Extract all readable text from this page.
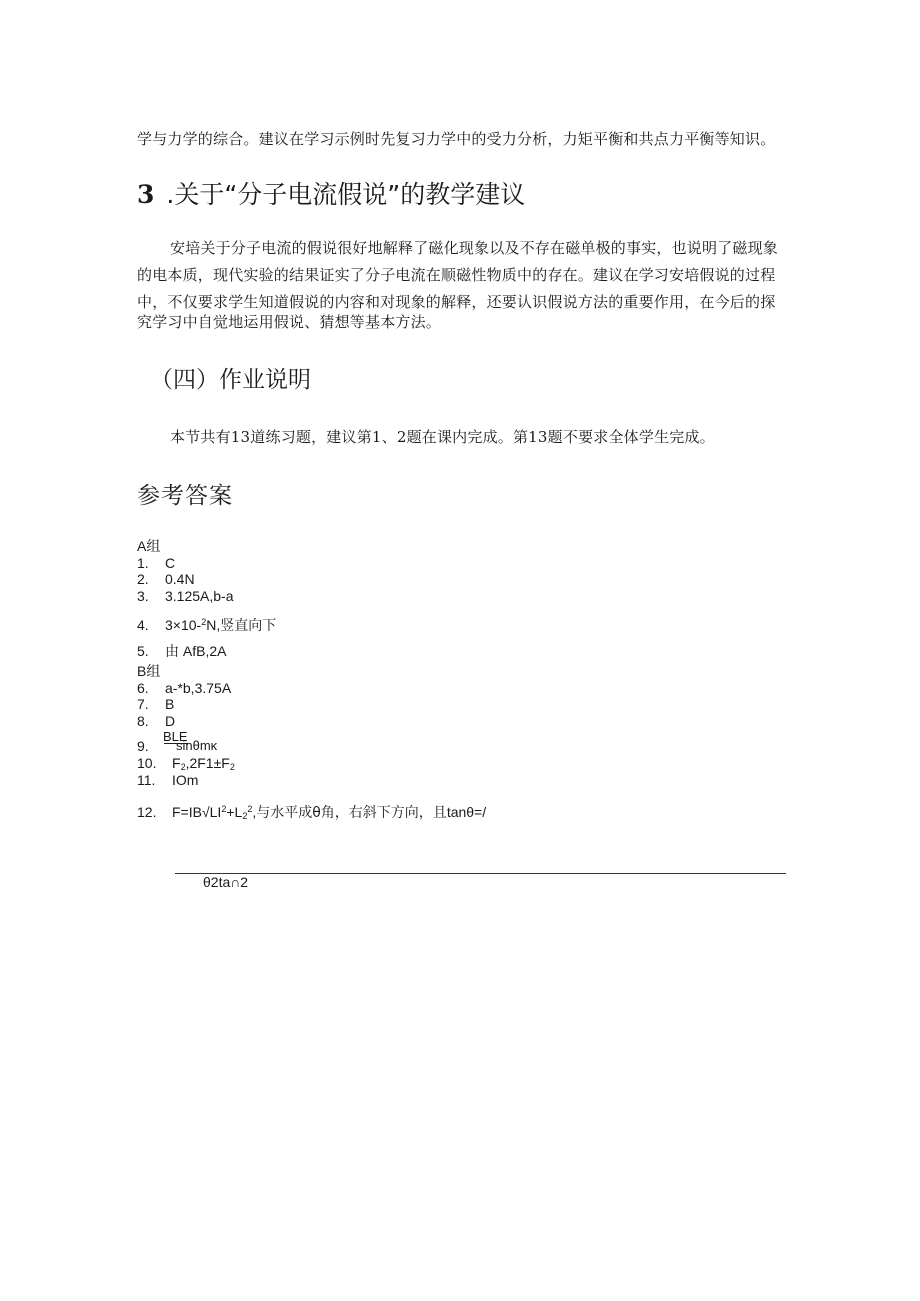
学与力学的综合。建议在学习示例时先复习力学中的受力分析，力矩平衡和共点力平衡等知识。
3 .关于“分子电流假说”的教学建议
安培关于分子电流的假说很好地解释了磁化现象以及不存在磁单极的事实，也说明了磁现象
的电本质，现代实验的结果证实了分子电流在顺磁性物质中的存在。建议在学习安培假说的过程
中，不仅要求学生知道假说的内容和对现象的解释，还要认识假说方法的重要作用，在今后的探
究学习中自觉地运用假说、猜想等基本方法。
（四）作业说明
本节共有13道练习题，建议第1、2题在课内完成。第13题不要求全体学生完成。
参考答案
A组
1. C
2. 0.4N
3. 3.125A,b-a
4. 3×10-$^2$N,竖直向下
5. 由 AfB,2A
B组
6. a-*b,3.75A
7. B
8. D
9.
BLE
sinθmκ
10. $F_2,2F1\pm F_2$
11. IOm
12. $F=IB√LI^2+L_2^2$,与水平成θ角，右斜下方向，且tanθ=/
θ2ta∩2
